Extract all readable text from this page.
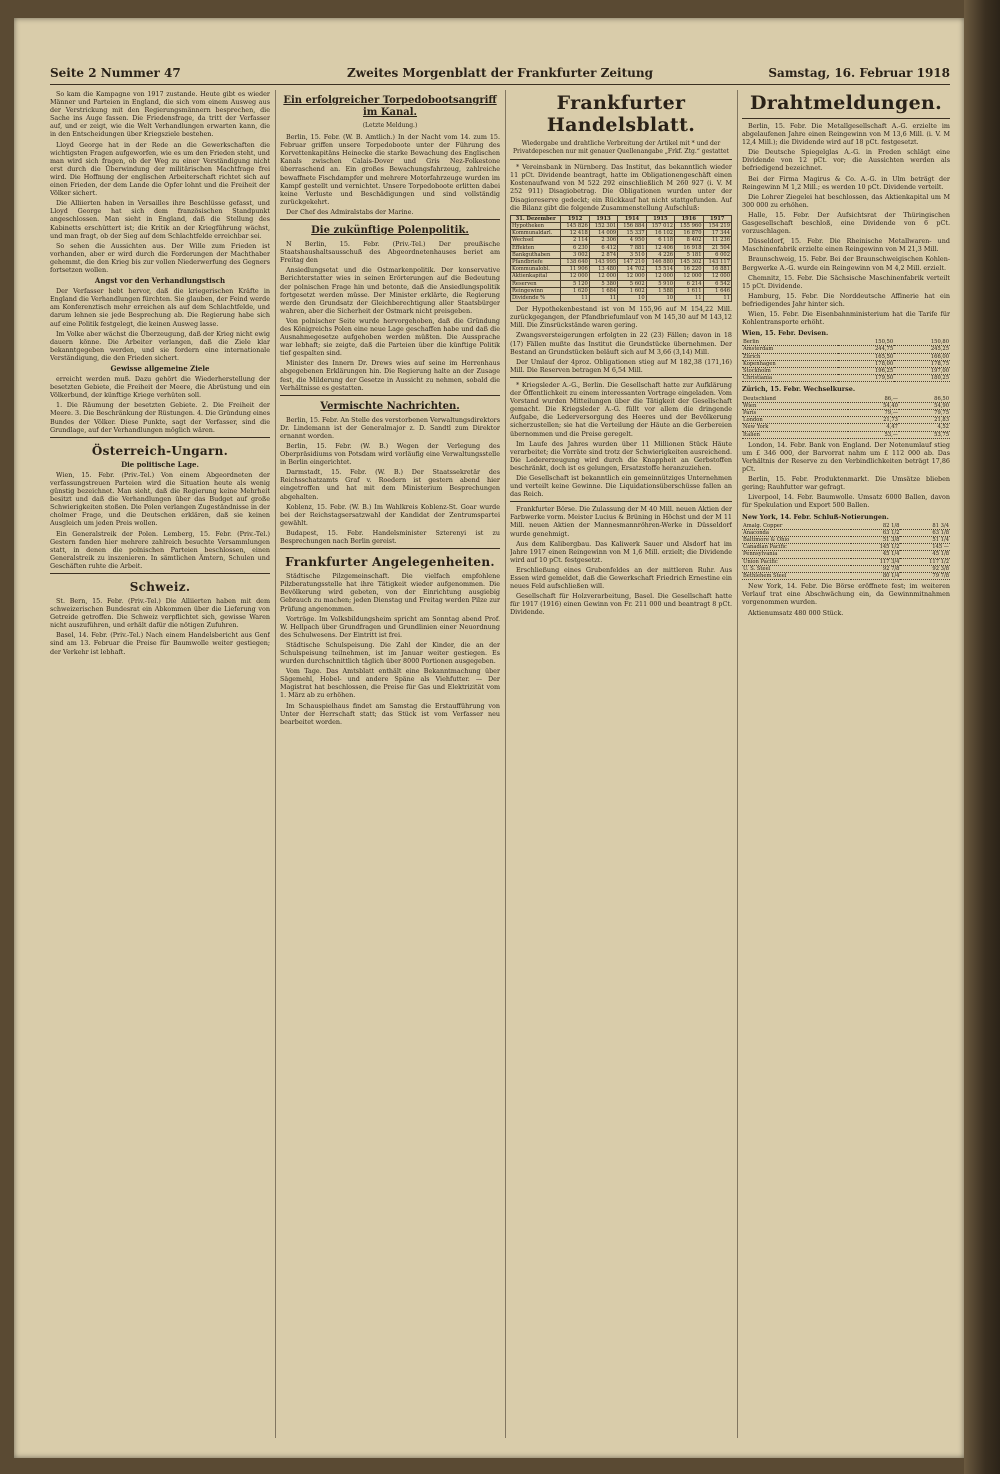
Seite 2 Nummer 47	Zweites Morgenblatt der Frankfurter Zeitung	Samstag, 16. Februar 1918

So kam die Kampagne von 1917 zustande. Heute gibt es wieder Männer und Parteien in England, die sich vom einem Ausweg aus der Verstrickung mit den Regierungsmännern besprechen, die Sache ins Auge fassen. Die Friedensfrage, da tritt der Verfasser auf, und er zeigt, wie die Welt Verhandlungen erwarten kann, die in den Entscheidungen über Kriegsziele bestehen.

Lloyd George hat in der Rede an die Gewerkschaften die wichtigsten Fragen aufgeworfen, wie es um den Frieden steht, und man wird sich fragen, ob der Weg zu einer Verständigung nicht erst durch die Überwindung der militärischen Machtfrage frei wird. Die Hoffnung der englischen Arbeiterschaft richtet sich auf einen Frieden, der dem Lande die Opfer lohnt und die Freiheit der Völker sichert.

Die Alliierten haben in Versailles ihre Beschlüsse gefasst, und Lloyd George hat sich dem französischen Standpunkt angeschlossen. Man sieht in England, daß die Stellung des Kabinetts erschüttert ist; die Kritik an der Kriegführung wächst, und man fragt, ob der Sieg auf dem Schlachtfelde erreichbar sei.

So sehen die Aussichten aus. Der Wille zum Frieden ist vorhanden, aber er wird durch die Forderungen der Machthaber gehemmt, die den Krieg bis zur vollen Niederwerfung des Gegners fortsetzen wollen.

Angst vor den Verhandlungstisch

Der Verfasser hebt hervor, daß die kriegerischen Kräfte in England die Verhandlungen fürchten. Sie glauben, der Feind werde am Konferenztisch mehr erreichen als auf dem Schlachtfelde, und darum lehnen sie jede Besprechung ab. Die Regierung habe sich auf eine Politik festgelegt, die keinen Ausweg lasse.

Im Volke aber wächst die Überzeugung, daß der Krieg nicht ewig dauern könne. Die Arbeiter verlangen, daß die Ziele klar bekanntgegeben werden, und sie fordern eine internationale Verständigung, die den Frieden sichert.

Gewisse allgemeine Ziele

erreicht werden muß. Dazu gehört die Wiederherstellung der besetzten Gebiete, die Freiheit der Meere, die Abrüstung und ein Völkerbund, der künftige Kriege verhüten soll.

1. Die Räumung der besetzten Gebiete. 2. Die Freiheit der Meere. 3. Die Beschränkung der Rüstungen. 4. Die Gründung eines Bundes der Völker. Diese Punkte, sagt der Verfasser, sind die Grundlage, auf der Verhandlungen möglich wären.

Österreich-Ungarn.
Die politische Lage.

Wien, 15. Febr. (Priv.-Tel.) Von einem Abgeordneten der verfassungstreuen Parteien wird die Situation heute als wenig günstig bezeichnet. Man sieht, daß die Regierung keine Mehrheit besitzt und daß die Verhandlungen über das Budget auf große Schwierigkeiten stoßen. Die Polen verlangen Zugeständnisse in der cholmer Frage, und die Deutschen erklären, daß sie keinen Ausgleich um jeden Preis wollen.

Ein Generalstreik der Polen. Lemberg, 15. Febr. (Priv.-Tel.) Gestern fanden hier mehrere zahlreich besuchte Versammlungen statt, in denen die polnischen Parteien beschlossen, einen Generalstreik zu inszenieren. In sämtlichen Ämtern, Schulen und Geschäften ruhte die Arbeit.

Schweiz.

St. Bern, 15. Febr. (Priv.-Tel.) Die Alliierten haben mit dem schweizerischen Bundesrat ein Abkommen über die Lieferung von Getreide getroffen. Die Schweiz verpflichtet sich, gewisse Waren nicht auszuführen, und erhält dafür die nötigen Zufuhren.

Basel, 14. Febr. (Priv.-Tel.) Nach einem Handelsbericht aus Genf sind am 13. Februar die Preise für Baumwolle weiter gestiegen; der Verkehr ist lebhaft.

Ein erfolgreicher Torpedobootsangriff im Kanal.
(Letzte Meldung.)

Berlin, 15. Febr. (W. B. Amtlich.) In der Nacht vom 14. zum 15. Februar griffen unsere Torpedoboote unter der Führung des Korvettenkapitäns Heinecke die starke Bewachung des Englischen Kanals zwischen Calais-Dover und Gris Nez-Folkestone überraschend an. Ein großes Bewachungsfahrzeug, zahlreiche bewaffnete Fischdampfer und mehrere Motorfahrzeuge wurden im Kampf gestellt und vernichtet. Unsere Torpedoboote erlitten dabei keine Verluste und Beschädigungen und sind vollständig zurückgekehrt.

Der Chef des Admiralstabs der Marine.

Die zukünftige Polenpolitik.

N Berlin, 15. Febr. (Priv.-Tel.) Der preußische Staatshaushaltsausschuß des Abgeordnetenhauses beriet am Freitag den

Ansiedlungsetat und die Ostmarkenpolitik. Der konservative Berichterstatter wies in seinen Erörterungen auf die Bedeutung der polnischen Frage hin und betonte, daß die Ansiedlungspolitik fortgesetzt werden müsse. Der Minister erklärte, die Regierung werde den Grundsatz der Gleichberechtigung aller Staatsbürger wahren, aber die Sicherheit der Ostmark nicht preisgeben.

Von polnischer Seite wurde hervorgehoben, daß die Gründung des Königreichs Polen eine neue Lage geschaffen habe und daß die Ausnahmegesetze aufgehoben werden müßten. Die Aussprache war lebhaft; sie zeigte, daß die Parteien über die künftige Politik tief gespalten sind.

Minister des Innern Dr. Drews wies auf seine im Herrenhaus abgegebenen Erklärungen hin. Die Regierung halte an der Zusage fest, die Milderung der Gesetze in Aussicht zu nehmen, sobald die Verhältnisse es gestatten.

Vermischte Nachrichten.

Berlin, 15. Febr. An Stelle des verstorbenen Verwaltungsdirektors Dr. Lindemann ist der Generalmajor z. D. Sandtl zum Direktor ernannt worden.

Berlin, 15. Febr. (W. B.) Wegen der Verlegung des Oberpräsidiums von Potsdam wird vorläufig eine Verwaltungsstelle in Berlin eingerichtet.

Darmstadt, 15. Febr. (W. B.) Der Staatssekretär des Reichsschatzamts Graf v. Roedern ist gestern abend hier eingetroffen und hat mit dem Ministerium Besprechungen abgehalten.

Koblenz, 15. Febr. (W. B.) Im Wahlkreis Koblenz-St. Goar wurde bei der Reichstagsersatzwahl der Kandidat der Zentrumspartei gewählt.

Budapest, 15. Febr. Handelsminister Szterenyi ist zu Besprechungen nach Berlin gereist.

Frankfurter Angelegenheiten.

Städtische Pilzgemeinschaft. Die vielfach empfohlene Pilzberatungsstelle hat ihre Tätigkeit wieder aufgenommen. Die Bevölkerung wird gebeten, von der Einrichtung ausgiebig Gebrauch zu machen; jeden Dienstag und Freitag werden Pilze zur Prüfung angenommen.

Vorträge. Im Volksbildungsheim spricht am Sonntag abend Prof. W. Hellpach über Grundfragen und Grundlinien einer Neuordnung des Schulwesens. Der Eintritt ist frei.

Städtische Schulspeisung. Die Zahl der Kinder, die an der Schulspeisung teilnehmen, ist im Januar weiter gestiegen. Es wurden durchschnittlich täglich über 8000 Portionen ausgegeben.

Vom Tage. Das Amtsblatt enthält eine Bekanntmachung über Sägemehl, Hobel- und andere Späne als Viehfutter. — Der Magistrat hat beschlossen, die Preise für Gas und Elektrizität vom 1. März ab zu erhöhen.

Im Schauspielhaus findet am Samstag die Erstaufführung von Unter der Herrschaft statt; das Stück ist vom Verfasser neu bearbeitet worden.

Frankfurter Handelsblatt.
Wiedergabe und drahtliche Verbreitung der Artikel mit * und der Privatdepeschen nur mit genauer Quellenangabe „Frkf. Ztg.“ gestattet

* Vereinsbank in Nürnberg. Das Institut, das bekanntlich wieder 11 pCt. Dividende beantragt, hatte im Obligationengeschäft einen Kostenaufwand von M 522 292 einschließlich M 260 927 (i. V. M 252 911) Disagiobetrag. Die Obligationen wurden unter der Disagioreserve gedeckt; ein Rückkauf hat nicht stattgefunden. Auf die Bilanz gibt die folgende Zusammenstellung Aufschluß:

31. Dezember	1912	1913	1914	1915	1916	1917
Hypotheken	145 826	152 301	156 884	157 012	155 960	154 219
Kommunaldarl.	12 418	14 009	15 337	16 102	16 870	17 344
Wechsel	2 114	2 306	4 950	6 118	8 402	11 236
Effekten	6 230	6 412	7 881	12 406	16 918	21 504
Bankguthaben	3 002	2 874	3 510	4 226	5 181	6 002
Pfandbriefe	138 640	143 995	147 210	146 880	145 302	143 117
Kommunalobl.	11 906	13 480	14 702	15 514	16 220	16 881
Aktienkapital	12 000	12 000	12 000	12 000	12 000	12 000
Reserven	5 120	5 380	5 602	5 910	6 214	6 542
Reingewinn	1 620	1 684	1 602	1 588	1 611	1 646
Dividende %	11	11	10	10	11	11

Der Hypothekenbestand ist von M 155,96 auf M 154,22 Mill. zurückgegangen, der Pfandbriefumlauf von M 145,30 auf M 143,12 Mill. Die Zinsrückstände waren gering.

Zwangsversteigerungen erfolgten in 22 (23) Fällen; davon in 18 (17) Fällen mußte das Institut die Grundstücke übernehmen. Der Bestand an Grundstücken beläuft sich auf M 3,66 (3,14) Mill.

Der Umlauf der 4proz. Obligationen stieg auf M 182,38 (171,16) Mill. Die Reserven betragen M 6,54 Mill.

* Kriegsleder A.-G., Berlin. Die Gesellschaft hatte zur Aufklärung der Öffentlichkeit zu einem interessanten Vortrage eingeladen. Vom Vorstand wurden Mitteilungen über die Tätigkeit der Gesellschaft gemacht. Die Kriegsleder A.-G. füllt vor allem die dringende Aufgabe, die Lederversorgung des Heeres und der Bevölkerung sicherzustellen; sie hat die Verteilung der Häute an die Gerbereien übernommen und die Preise geregelt.

Im Laufe des Jahres wurden über 11 Millionen Stück Häute verarbeitet; die Vorräte sind trotz der Schwierigkeiten ausreichend. Die Ledererzeugung wird durch die Knappheit an Gerbstoffen beschränkt, doch ist es gelungen, Ersatzstoffe heranzuziehen.

Die Gesellschaft ist bekanntlich ein gemeinnütziges Unternehmen und verteilt keine Gewinne. Die Liquidationsüberschüsse fallen an das Reich.

Frankfurter Börse. Die Zulassung der M 40 Mill. neuen Aktien der Farbwerke vorm. Meister Lucius & Brüning in Höchst und der M 11 Mill. neuen Aktien der Mannesmannröhren-Werke in Düsseldorf wurde genehmigt.

Aus dem Kalibergbau. Das Kaliwerk Sauer und Alsdorf hat im Jahre 1917 einen Reingewinn von M 1,6 Mill. erzielt; die Dividende wird auf 10 pCt. festgesetzt.

Erschließung eines Grubenfeldes an der mittleren Ruhr. Aus Essen wird gemeldet, daß die Gewerkschaft Friedrich Ernestine ein neues Feld aufschließen will.

Gesellschaft für Holzverarbeitung, Basel. Die Gesellschaft hatte für 1917 (1916) einen Gewinn von Fr. 211 000 und beantragt 8 pCt. Dividende.

Drahtmeldungen.

Berlin, 15. Febr. Die Metallgesellschaft A.-G. erzielte im abgelaufenen Jahre einen Reingewinn von M 13,6 Mill. (i. V. M 12,4 Mill.); die Dividende wird auf 18 pCt. festgesetzt.

Die Deutsche Spiegelglas A.-G. in Freden schlägt eine Dividende von 12 pCt. vor; die Aussichten werden als befriedigend bezeichnet.

Bei der Firma Magirus & Co. A.-G. in Ulm beträgt der Reingewinn M 1,2 Mill.; es werden 10 pCt. Dividende verteilt.

Die Lohrer Ziegelei hat beschlossen, das Aktienkapital um M 300 000 zu erhöhen.

Halle, 15. Febr. Der Aufsichtsrat der Thüringischen Gasgesellschaft beschloß, eine Dividende von 6 pCt. vorzuschlagen.

Düsseldorf, 15. Febr. Die Rheinische Metallwaren- und Maschinenfabrik erzielte einen Reingewinn von M 21,3 Mill.

Braunschweig, 15. Febr. Bei der Braunschweigischen Kohlen-Bergwerke A.-G. wurde ein Reingewinn von M 4,2 Mill. erzielt.

Chemnitz, 15. Febr. Die Sächsische Maschinenfabrik verteilt 15 pCt. Dividende.

Hamburg, 15. Febr. Die Norddeutsche Affinerie hat ein befriedigendes Jahr hinter sich.

Wien, 15. Febr. Die Eisenbahnministerium hat die Tarife für Kohlentransporte erhöht.

Wien, 15. Febr. Devisen.
Berlin	150,50	150,80
Amsterdam	244,75	245,25
Zürich	165,50	166,00
Kopenhagen	178,00	178,75
Stockholm	196,25	197,00
Christiania	179,50	180,25
Zürich, 15. Febr. Wechselkurse.
Deutschland	86,—	86,50
Wien	54,40	54,90
Paris	79,—	79,75
London	21,73	21,83
New York	4,47	4,52
Italien	53,—	53,75

London, 14. Febr. Bank von England. Der Notenumlauf stieg um £ 346 000, der Barvorrat nahm um £ 112 000 ab. Das Verhältnis der Reserve zu den Verbindlichkeiten beträgt 17,86 pCt.

Berlin, 15. Febr. Produktenmarkt. Die Umsätze blieben gering; Rauhfutter war gefragt.

Liverpool, 14. Febr. Baumwolle. Umsatz 6000 Ballen, davon für Spekulation und Export 500 Ballen.

New York, 14. Febr. Schluß-Notierungen.
Amalg. Copper	82 1/8	81 3/4
Anaconda	63 1/2	63 1/8
Baltimore & Ohio	51 3/8	51 1/4
Canadian Pacific	145 1/2	145 —
Pennsylvania	45 1/4	45 1/8
Union Pacific	117 3/4	117 1/2
U. S. Steel	92 7/8	92 3/8
Bethlehem Steel	80 1/4	79 7/8

New York, 14. Febr. Die Börse eröffnete fest; im weiteren Verlauf trat eine Abschwächung ein, da Gewinnmitnahmen vorgenommen wurden.

Aktienumsatz 480 000 Stück.
